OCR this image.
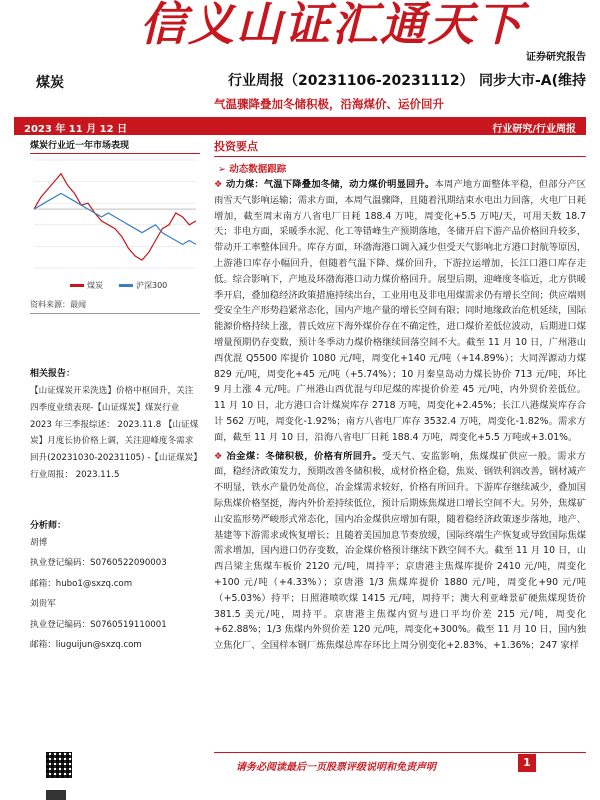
信义山证汇通天下
证券研究报告
煤炭	行业周报（20231106-20231112） 同步大市-A(维持
气温骤降叠加冬储积极，沿海煤价、运价回升
2023 年 11 月 12 日	行业研究/行业周报
煤炭行业近一年市场表现
煤炭	沪深300
资料来源：最闻
相关报告：
【山证煤炭开采洗选】价格中枢回升，关注四季度业绩表现-【山证煤炭】煤炭行业 2023 年三季报综述： 2023.11.8 【山证煤炭】月度长协价格上调，关注迎峰度冬需求回升(20231030-20231105) -【山证煤炭】行业周报： 2023.11.5
分析师：
胡博
执业登记编码：S0760522090003
邮箱：hubo1@sxzq.com
刘贵军
执业登记编码：S0760519110001
邮箱：liuguijun@sxzq.com
投资要点
➢ 动态数据跟踪
❖ 动力煤：气温下降叠加冬储，动力煤价明显回升。本周产地方面整体平稳，但部分产区雨雪天气影响运输；需求方面，本周气温骤降，且随着汛期结束水电出力回落，火电厂日耗增加，截至周末南方八省电厂日耗 188.4 万吨，周变化+5.5 万吨/天，可用天数 18.7 天；非电方面，采暖季水泥、化工等错峰生产预期落地，冬储开启下游产品价格回升较多，带动开工率整体回升。库存方面，环渤海港口调入减少但受天气影响北方港口封航等原因，上游港口库存小幅回升，但随着气温下降、煤价回升，下游拉运增加，长江口港口库存走低。综合影响下，产地及环渤海港口动力煤价格回升。展望后期，迎峰度冬临近，北方供暖季开启，叠加稳经济政策措施持续出台，工业用电及非电用煤需求仍有增长空间；供应端则受安全生产形势趋紧常态化，国内产地产量的增长空间有限；同时地缘政治危机延续，国际能源价格持续上涨，普氏效应下海外煤价存在不确定性，进口煤价差低位波动，后期进口煤增量预期仍存变数，预计冬季动力煤价格继续回落空间不大。截至 11 月 10 日，广州港山西优混 Q5500 库提价 1080 元/吨，周变化+140 元/吨（+14.89%）；大同浑源动力煤 829 元/吨，周变化+45 元/吨（+5.74%）；10 月秦皇岛动力煤长协价 713 元/吨，环比 9 月上涨 4 元/吨。广州港山西优混与印尼煤的库提价价差 45 元/吨，内外贸价差低位。11 月 10 日，北方港口合计煤炭库存 2718 万吨，周变化+2.45%；长江八港煤炭库存合计 562 万吨，周变化-1.92%；南方八省电厂库存 3532.4 万吨，周变化-1.82%。需求方面，截至 11 月 10 日，沿海八省电厂日耗 188.4 万吨，周变化+5.5 万吨或+3.01%。
❖ 冶金煤：冬储积极，价格有所回升。受天气、安监影响，焦煤煤矿供应一般。需求方面，稳经济政策发力，预期改善冬储积极，成材价格企稳，焦炭、钢铁利润改善，钢材减产不明显，铁水产量仍处高位，冶金煤需求较好，价格有所回升。下游库存继续减少，叠加国际焦煤价格坚挺，海内外价差持续低位，预计后期炼焦煤进口增长空间不大。另外，焦煤矿山安监形势严峻形式常态化，国内冶金煤供应增加有限，随着稳经济政策逐步落地，地产、基建等下游需求或恢复增长；且随着美国加息节奏放缓，国际终端生产恢复或导致国际焦煤需求增加，国内进口仍存变数，冶金煤价格预计继续下跌空间不大。截至 11 月 10 日，山西吕梁主焦煤车板价 2120 元/吨，周持平；京唐港主焦煤库提价 2410 元/吨，周变化+100 元/吨（+4.33%）；京唐港 1/3 焦煤库提价 1880 元/吨，周变化+90 元/吨（+5.03%）持平；日照港喷吹煤 1415 元/吨，周持平；澳大利亚峰景矿硬焦煤现货价 381.5 美元/吨，周持平。京唐港主焦煤内贸与进口平均价差 215 元/吨，周变化+62.88%；1/3 焦煤内外贸价差 120 元/吨，周变化+300%。截至 11 月 10 日，国内独立焦化厂、全国样本钢厂炼焦煤总库存环比上周分别变化+2.83%、+1.36%；247 家样
请务必阅读最后一页股票评级说明和免责声明	1
